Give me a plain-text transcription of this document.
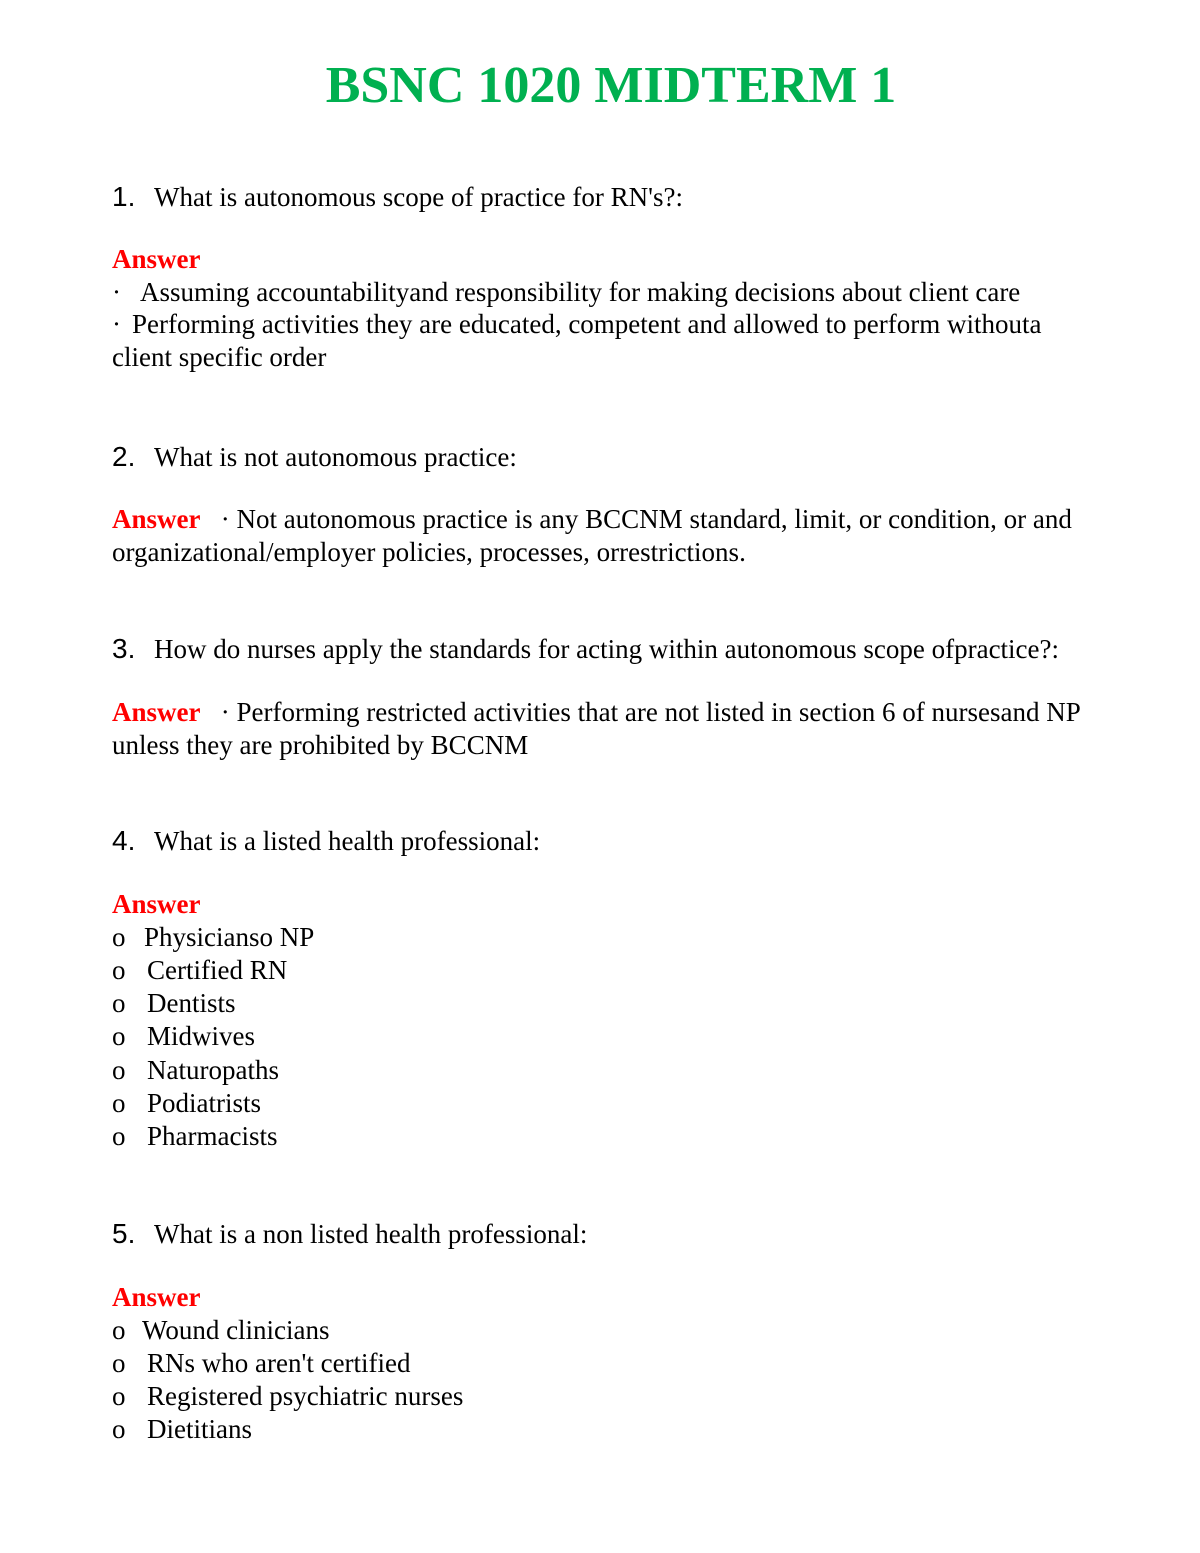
BSNC 1020 MIDTERM 1

1. What is autonomous scope of practice for RN's?:

Answer
· Assuming accountabilityand responsibility for making decisions about client care
· Performing activities they are educated, competent and allowed to perform withouta client specific order

2. What is not autonomous practice:

Answer · Not autonomous practice is any BCCNM standard, limit, or condition, or and organizational/employer policies, processes, orrestrictions.

3. How do nurses apply the standards for acting within autonomous scope ofpractice?:

Answer · Performing restricted activities that are not listed in section 6 of nursesand NP unless they are prohibited by BCCNM

4. What is a listed health professional:

Answer
o Physicianso NP
o Certified RN
o Dentists
o Midwives
o Naturopaths
o Podiatrists
o Pharmacists

5. What is a non listed health professional:

Answer
o Wound clinicians
o RNs who aren't certified
o Registered psychiatric nurses
o Dietitians
